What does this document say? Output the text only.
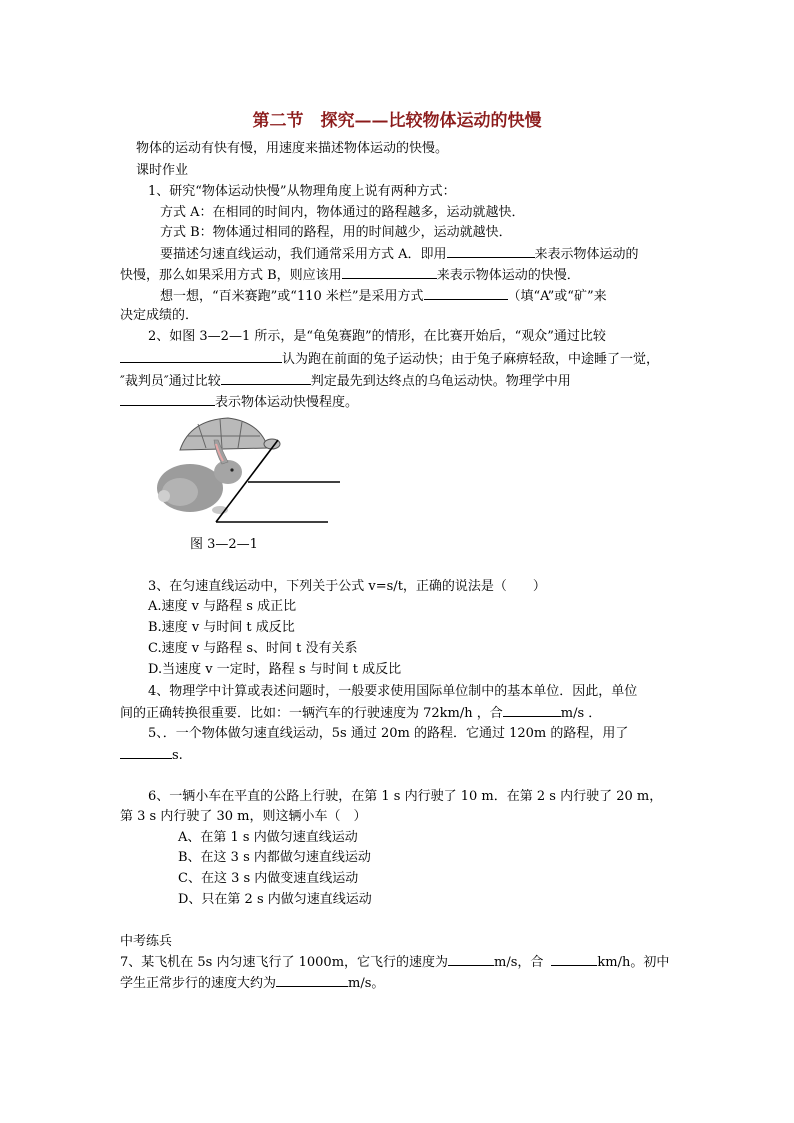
第二节　探究——比较物体运动的快慢
物体的运动有快有慢，用速度来描述物体运动的快慢。
课时作业
1、研究“物体运动快慢”从物理角度上说有两种方式：
方式 A：在相同的时间内，物体通过的路程越多，运动就越快．
方式 B：物体通过相同的路程，用的时间越少，运动就越快．
要描述匀速直线运动，我们通常采用方式 A．即用	来表示物体运动的
快慢，那么如果采用方式 B，则应该用	来表示物体运动的快慢．
想一想，“百米赛跑”或“110 米栏”是采用方式	（填“A”或“矿”来
决定成绩的．
2、如图 3—2—1 所示，是“龟兔赛跑”的情形，在比赛开始后，“观众”通过比较
认为跑在前面的兔子运动快；由于兔子麻痹轻敌，中途睡了一觉，
″裁判员″通过比较	判定最先到达终点的乌龟运动快。物理学中用
表示物体运动快慢程度。
图 3—2—1
3、在匀速直线运动中，下列关于公式 v=s/t，正确的说法是（　　）
A.速度 v 与路程 s 成正比
B.速度 v 与时间 t 成反比
C.速度 v 与路程 s、时间 t 没有关系
D.当速度 v 一定时，路程 s 与时间 t 成反比
4、物理学中计算或表述问题时，一般要求使用国际单位制中的基本单位．因此，单位
间的正确转换很重要．比如：一辆汽车的行驶速度为 72km/h ，合	m/s ．
5、．一个物体做匀速直线运动，5s 通过 20m 的路程．它通过 120m 的路程，用了
s.
6、一辆小车在平直的公路上行驶，在第 1 s 内行驶了 10 m．在第 2 s 内行驶了 20 m，
第 3 s 内行驶了 30 m，则这辆小车（　）
A、在第 1 s 内做匀速直线运动
B、在这 3 s 内都做匀速直线运动
C、在这 3 s 内做变速直线运动
D、只在第 2 s 内做匀速直线运动
中考练兵
7、某飞机在 5s 内匀速飞行了 1000m，它飞行的速度为	m/s，合	km/h。初中
学生正常步行的速度大约为	m/s。
